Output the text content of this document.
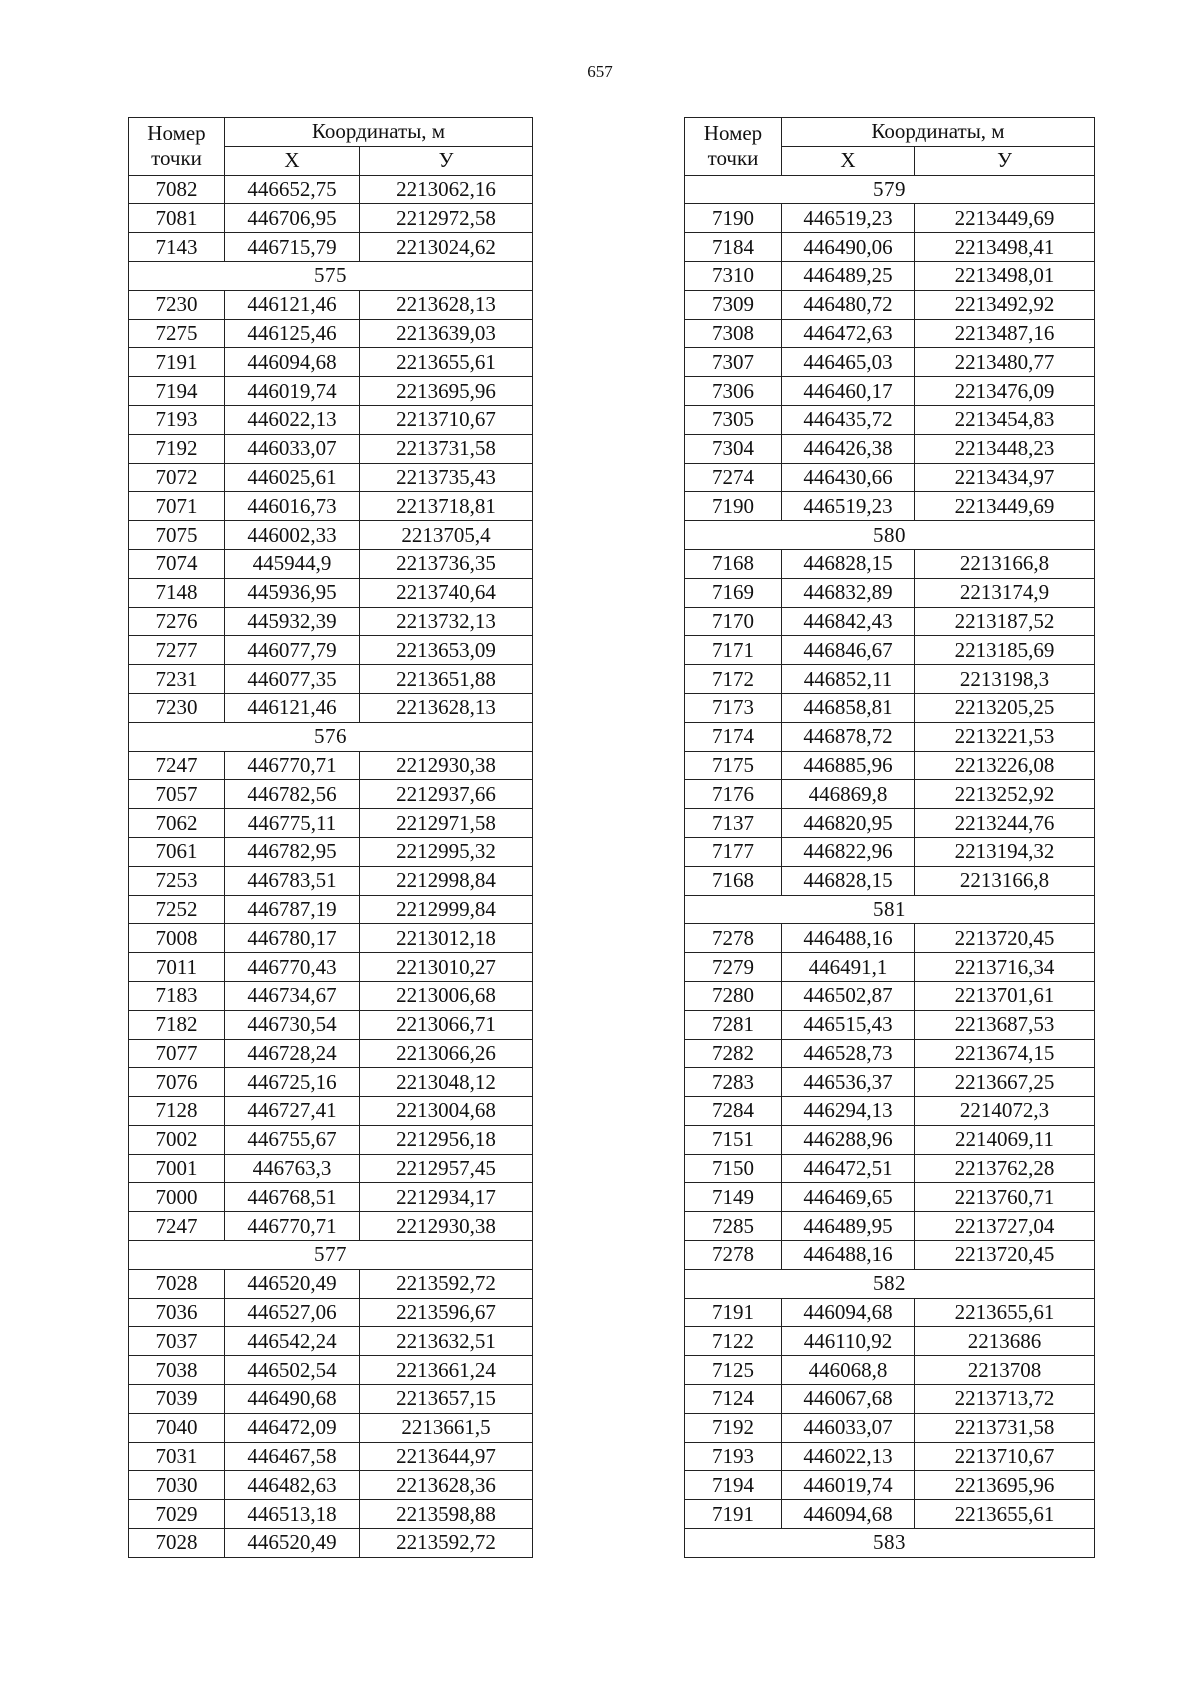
657
Номер
точки	Координаты, м	
	X	У
7082	446652,75	2213062,16
7081	446706,95	2212972,58
7143	446715,79	2213024,62
575		
7230	446121,46	2213628,13
7275	446125,46	2213639,03
7191	446094,68	2213655,61
7194	446019,74	2213695,96
7193	446022,13	2213710,67
7192	446033,07	2213731,58
7072	446025,61	2213735,43
7071	446016,73	2213718,81
7075	446002,33	2213705,4
7074	445944,9	2213736,35
7148	445936,95	2213740,64
7276	445932,39	2213732,13
7277	446077,79	2213653,09
7231	446077,35	2213651,88
7230	446121,46	2213628,13
576		
7247	446770,71	2212930,38
7057	446782,56	2212937,66
7062	446775,11	2212971,58
7061	446782,95	2212995,32
7253	446783,51	2212998,84
7252	446787,19	2212999,84
7008	446780,17	2213012,18
7011	446770,43	2213010,27
7183	446734,67	2213006,68
7182	446730,54	2213066,71
7077	446728,24	2213066,26
7076	446725,16	2213048,12
7128	446727,41	2213004,68
7002	446755,67	2212956,18
7001	446763,3	2212957,45
7000	446768,51	2212934,17
7247	446770,71	2212930,38
577		
7028	446520,49	2213592,72
7036	446527,06	2213596,67
7037	446542,24	2213632,51
7038	446502,54	2213661,24
7039	446490,68	2213657,15
7040	446472,09	2213661,5
7031	446467,58	2213644,97
7030	446482,63	2213628,36
7029	446513,18	2213598,88
7028	446520,49	2213592,72
Номер
точки	Координаты, м	
	X	У
579		
7190	446519,23	2213449,69
7184	446490,06	2213498,41
7310	446489,25	2213498,01
7309	446480,72	2213492,92
7308	446472,63	2213487,16
7307	446465,03	2213480,77
7306	446460,17	2213476,09
7305	446435,72	2213454,83
7304	446426,38	2213448,23
7274	446430,66	2213434,97
7190	446519,23	2213449,69
580		
7168	446828,15	2213166,8
7169	446832,89	2213174,9
7170	446842,43	2213187,52
7171	446846,67	2213185,69
7172	446852,11	2213198,3
7173	446858,81	2213205,25
7174	446878,72	2213221,53
7175	446885,96	2213226,08
7176	446869,8	2213252,92
7137	446820,95	2213244,76
7177	446822,96	2213194,32
7168	446828,15	2213166,8
581		
7278	446488,16	2213720,45
7279	446491,1	2213716,34
7280	446502,87	2213701,61
7281	446515,43	2213687,53
7282	446528,73	2213674,15
7283	446536,37	2213667,25
7284	446294,13	2214072,3
7151	446288,96	2214069,11
7150	446472,51	2213762,28
7149	446469,65	2213760,71
7285	446489,95	2213727,04
7278	446488,16	2213720,45
582		
7191	446094,68	2213655,61
7122	446110,92	2213686
7125	446068,8	2213708
7124	446067,68	2213713,72
7192	446033,07	2213731,58
7193	446022,13	2213710,67
7194	446019,74	2213695,96
7191	446094,68	2213655,61
583		
